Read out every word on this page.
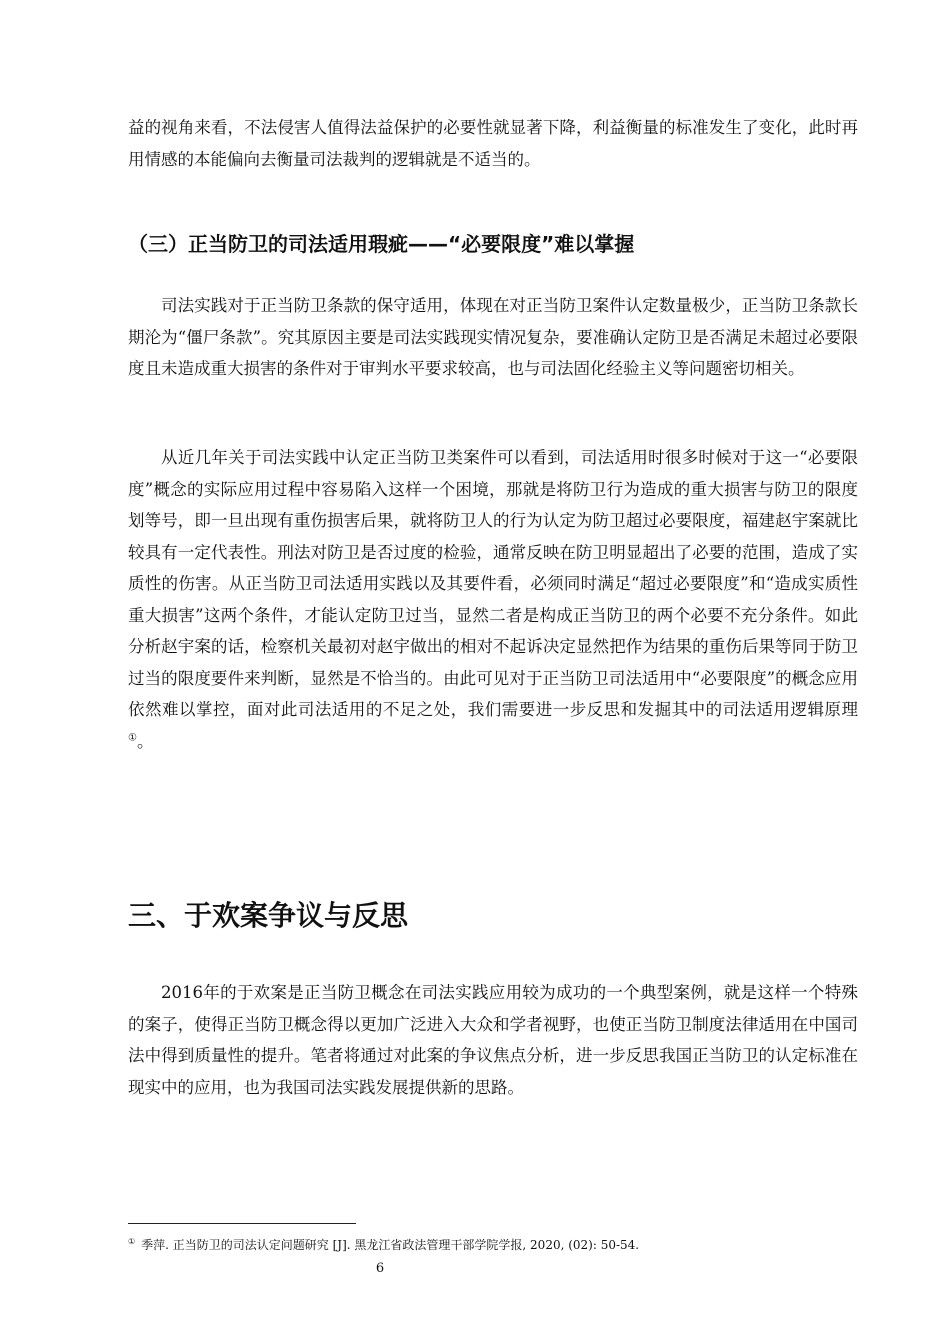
益的视角来看，不法侵害人值得法益保护的必要性就显著下降，利益衡量的标准发生了变化，此时再用情感的本能偏向去衡量司法裁判的逻辑就是不适当的。

（三）正当防卫的司法适用瑕疵——“必要限度”难以掌握

司法实践对于正当防卫条款的保守适用，体现在对正当防卫案件认定数量极少，正当防卫条款长期沦为“僵尸条款”。究其原因主要是司法实践现实情况复杂，要准确认定防卫是否满足未超过必要限度且未造成重大损害的条件对于审判水平要求较高，也与司法固化经验主义等问题密切相关。

从近几年关于司法实践中认定正当防卫类案件可以看到，司法适用时很多时候对于这一“必要限度”概念的实际应用过程中容易陷入这样一个困境，那就是将防卫行为造成的重大损害与防卫的限度划等号，即一旦出现有重伤损害后果，就将防卫人的行为认定为防卫超过必要限度，福建赵宇案就比较具有一定代表性。刑法对防卫是否过度的检验，通常反映在防卫明显超出了必要的范围，造成了实质性的伤害。从正当防卫司法适用实践以及其要件看，必须同时满足“超过必要限度”和“造成实质性重大损害”这两个条件，才能认定防卫过当，显然二者是构成正当防卫的两个必要不充分条件。如此分析赵宇案的话，检察机关最初对赵宇做出的相对不起诉决定显然把作为结果的重伤后果等同于防卫过当的限度要件来判断，显然是不恰当的。由此可见对于正当防卫司法适用中“必要限度”的概念应用依然难以掌控，面对此司法适用的不足之处，我们需要进一步反思和发掘其中的司法适用逻辑原理①。

三、于欢案争议与反思

2016年的于欢案是正当防卫概念在司法实践应用较为成功的一个典型案例，就是这样一个特殊的案子，使得正当防卫概念得以更加广泛进入大众和学者视野，也使正当防卫制度法律适用在中国司法中得到质量性的提升。笔者将通过对此案的争议焦点分析，进一步反思我国正当防卫的认定标准在现实中的应用，也为我国司法实践发展提供新的思路。

① 季萍. 正当防卫的司法认定问题研究 [J]. 黑龙江省政法管理干部学院学报, 2020, (02): 50-54.

6
